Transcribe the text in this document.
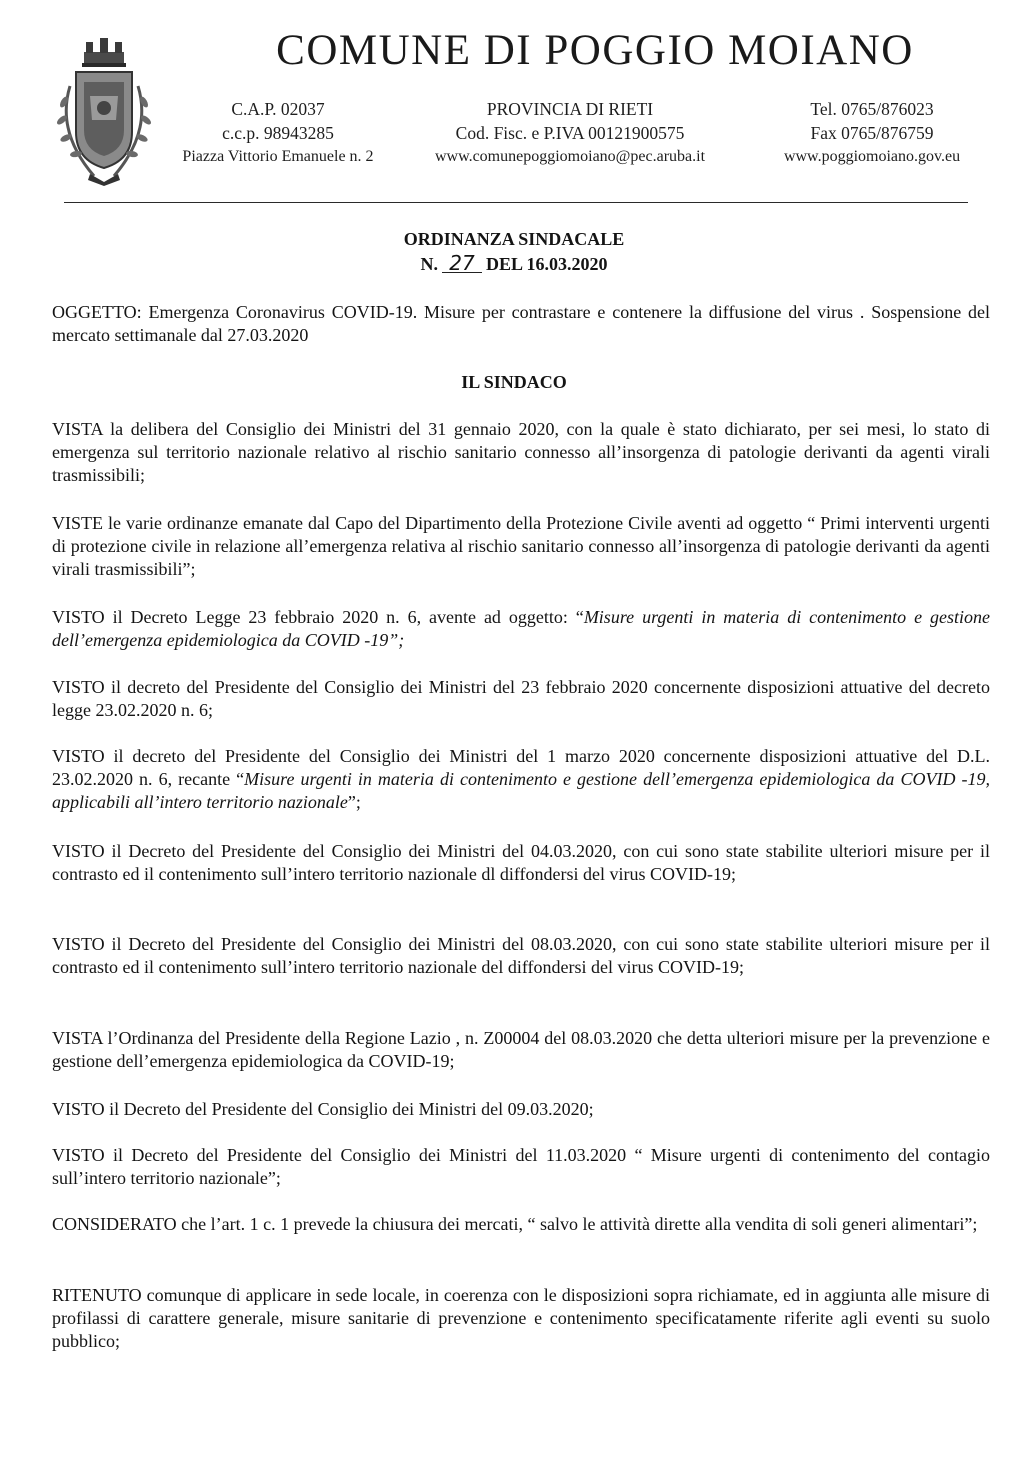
COMUNE DI POGGIO MOIANO
C.A.P. 02037
c.c.p. 98943285
Piazza Vittorio Emanuele n. 2
PROVINCIA DI RIETI
Cod. Fisc. e P.IVA 00121900575
www.comunepoggiomoiano@pec.aruba.it
Tel. 0765/876023
Fax 0765/876759
www.poggiomoiano.gov.eu
ORDINANZA SINDACALE
N. 27 DEL 16.03.2020
OGGETTO: Emergenza Coronavirus COVID-19. Misure per contrastare e contenere la diffusione del virus . Sospensione del mercato settimanale dal 27.03.2020
IL SINDACO
VISTA la delibera del Consiglio dei Ministri del 31 gennaio 2020, con la quale è stato dichiarato, per sei mesi, lo stato di emergenza sul territorio nazionale relativo al rischio sanitario connesso all’insorgenza di patologie derivanti da agenti virali trasmissibili;
VISTE le varie ordinanze emanate dal Capo del Dipartimento della Protezione Civile aventi ad oggetto “ Primi interventi urgenti di protezione civile in relazione all’emergenza relativa al rischio sanitario connesso all’insorgenza di patologie derivanti da agenti virali trasmissibili”;
VISTO il Decreto Legge 23 febbraio 2020 n. 6, avente ad oggetto: “Misure urgenti in materia di contenimento e gestione dell’emergenza epidemiologica da COVID -19”;
VISTO il decreto del Presidente del Consiglio dei Ministri del 23 febbraio 2020 concernente disposizioni attuative del decreto legge 23.02.2020 n. 6;
VISTO il decreto del Presidente del Consiglio dei Ministri del 1 marzo 2020 concernente disposizioni attuative del D.L. 23.02.2020 n. 6, recante “Misure urgenti in materia di contenimento e gestione dell’emergenza epidemiologica da COVID -19, applicabili all’intero territorio nazionale”;
VISTO il Decreto del Presidente del Consiglio dei Ministri del 04.03.2020, con cui sono state stabilite ulteriori misure per il contrasto ed il contenimento sull’intero territorio nazionale dl diffondersi del virus COVID-19;
VISTO il Decreto del Presidente del Consiglio dei Ministri del 08.03.2020, con cui sono state stabilite ulteriori misure per il contrasto ed il contenimento sull’intero territorio nazionale del diffondersi del virus COVID-19;
VISTA l’Ordinanza del Presidente della Regione Lazio , n. Z00004 del 08.03.2020 che detta ulteriori misure per la prevenzione e gestione dell’emergenza epidemiologica da COVID-19;
VISTO il Decreto del Presidente del Consiglio dei Ministri del 09.03.2020;
VISTO il Decreto del Presidente del Consiglio dei Ministri del 11.03.2020 “ Misure urgenti di contenimento del contagio sull’intero territorio nazionale”;
CONSIDERATO che l’art. 1 c. 1 prevede la chiusura dei mercati, “ salvo le attività dirette alla vendita di soli generi alimentari”;
RITENUTO comunque di applicare in sede locale, in coerenza con le disposizioni sopra richiamate, ed in aggiunta alle misure di profilassi di carattere generale, misure sanitarie di prevenzione e contenimento specificatamente riferite agli eventi su suolo pubblico;
